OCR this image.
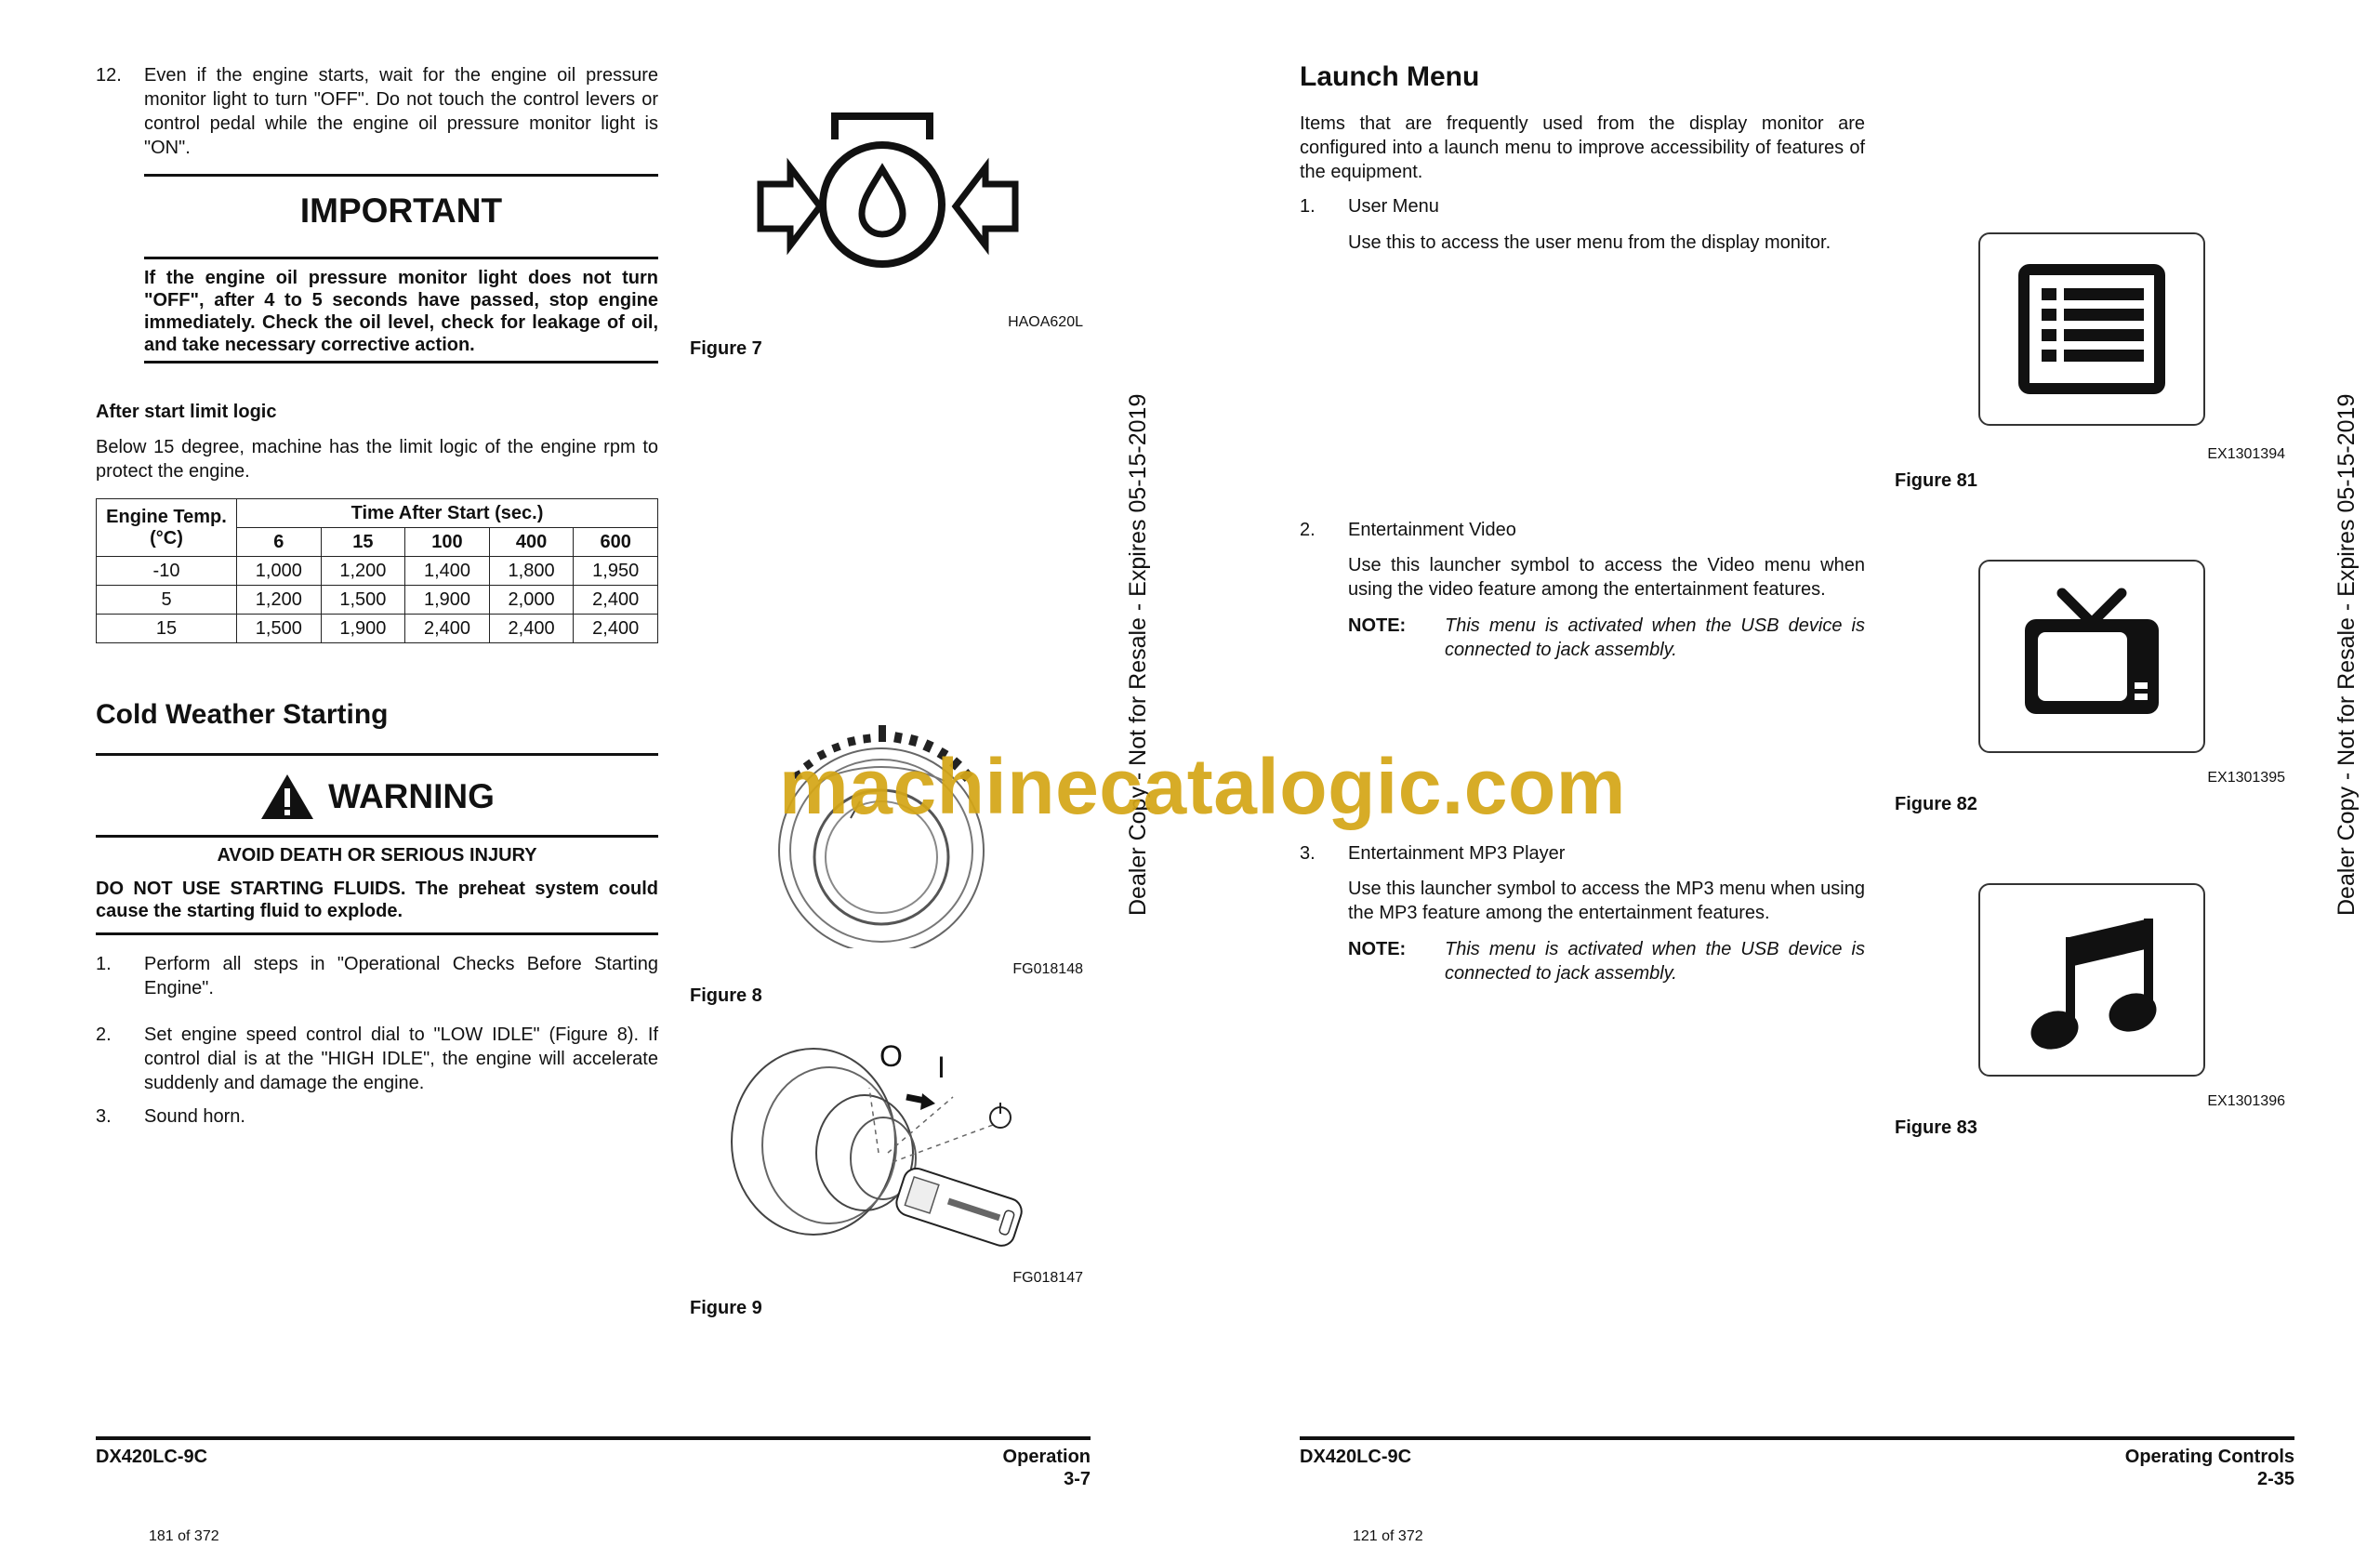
12. Even if the engine starts, wait for the engine oil pressure monitor light to turn "OFF". Do not touch the control levers or control pedal while the engine oil pressure monitor light is "ON".
IMPORTANT
If the engine oil pressure monitor light does not turn "OFF", after 4 to 5 seconds have passed, stop engine immediately. Check the oil level, check for leakage of oil, and take necessary corrective action.
After start limit logic
Below 15 degree, machine has the limit logic of the engine rpm to protect the engine.
Engine Temp. (°C)	Time After Start (sec.)				
	6	15	100	400	600
-10	1,000	1,200	1,400	1,800	1,950
5	1,200	1,500	1,900	2,000	2,400
15	1,500	1,900	2,400	2,400	2,400
Cold Weather Starting
WARNING
AVOID DEATH OR SERIOUS INJURY
DO NOT USE STARTING FLUIDS. The preheat system could cause the starting fluid to explode.
1. Perform all steps in "Operational Checks Before Starting Engine".
2. Set engine speed control dial to "LOW IDLE" (Figure 8). If control dial is at the "HIGH IDLE", the engine will accelerate suddenly and damage the engine.
3. Sound horn.
HAOA620L
Figure 7
FG018148
Figure 8
O I
FG018147
Figure 9
Dealer Copy - Not for Resale - Expires 05-15-2019
DX420LC-9C	Operation
3-7
181 of 372
Launch Menu
Items that are frequently used from the display monitor are configured into a launch menu to improve accessibility of features of the equipment.
1. User Menu
Use this to access the user menu from the display monitor.
2. Entertainment Video
Use this launcher symbol to access the Video menu when using the video feature among the entertainment features.
NOTE: This menu is activated when the USB device is connected to jack assembly.
3. Entertainment MP3 Player
Use this launcher symbol to access the MP3 menu when using the MP3 feature among the entertainment features.
NOTE: This menu is activated when the USB device is connected to jack assembly.
EX1301394
Figure 81
EX1301395
Figure 82
EX1301396
Figure 83
Dealer Copy - Not for Resale - Expires 05-15-2019
DX420LC-9C	Operating Controls
2-35
121 of 372
machinecatalogic.com
